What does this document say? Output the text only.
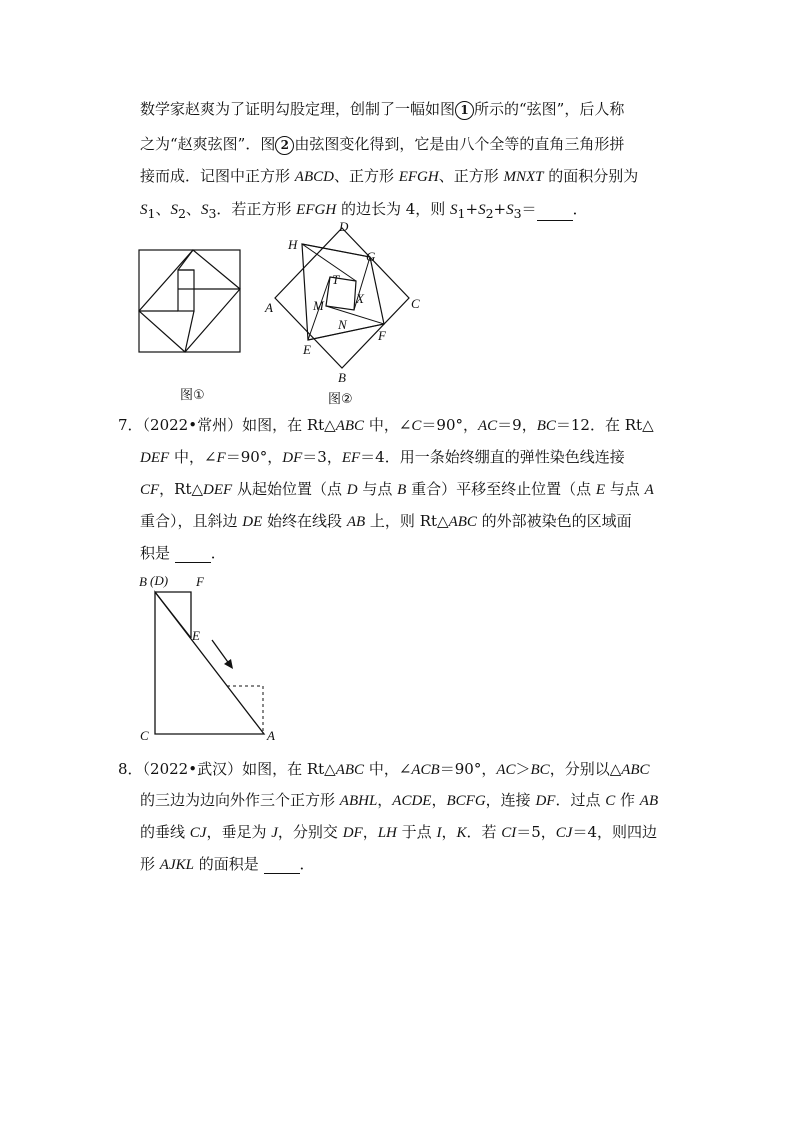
数学家赵爽为了证明勾股定理，创制了一幅如图 1 所示的“弦图”，后人称
之为“赵爽弦图”．图 2 由弦图变化得到，它是由八个全等的直角三角形拼
接而成．记图中正方形 ABCD、正方形 EFGH、正方形 MNXT 的面积分别为
$S_1$、$S_2$、$S_3$．若正方形 EFGH 的边长为 4，则 $S_1+S_2+S_3=$ ．
图①
D
G
H
T
A
X	C
M
N
F
E
B
图②
7．（2022•常州）如图，在 Rt△ABC 中，∠C＝90°，AC＝9，BC＝12．在 Rt△
DEF 中，∠F＝90°，DF＝3，EF＝4．用一条始终绷直的弹性染色线连接
CF，Rt△DEF 从起始位置（点 D 与点 B 重合）平移至终止位置（点 E 与点 A
重合），且斜边 DE 始终在线段 AB 上，则 Rt△ABC 的外部被染色的区域面
积是 ．
B (D) F
E
C	A
8．（2022•武汉）如图，在 Rt△ABC 中，∠ACB＝90°，AC＞BC，分别以△ABC
的三边为边向外作三个正方形 ABHL，ACDE，BCFG，连接 DF．过点 C 作 AB
的垂线 CJ，垂足为 J，分别交 DF，LH 于点 I，K．若 CI＝5，CJ＝4，则四边
形 AJKL 的面积是 ．
